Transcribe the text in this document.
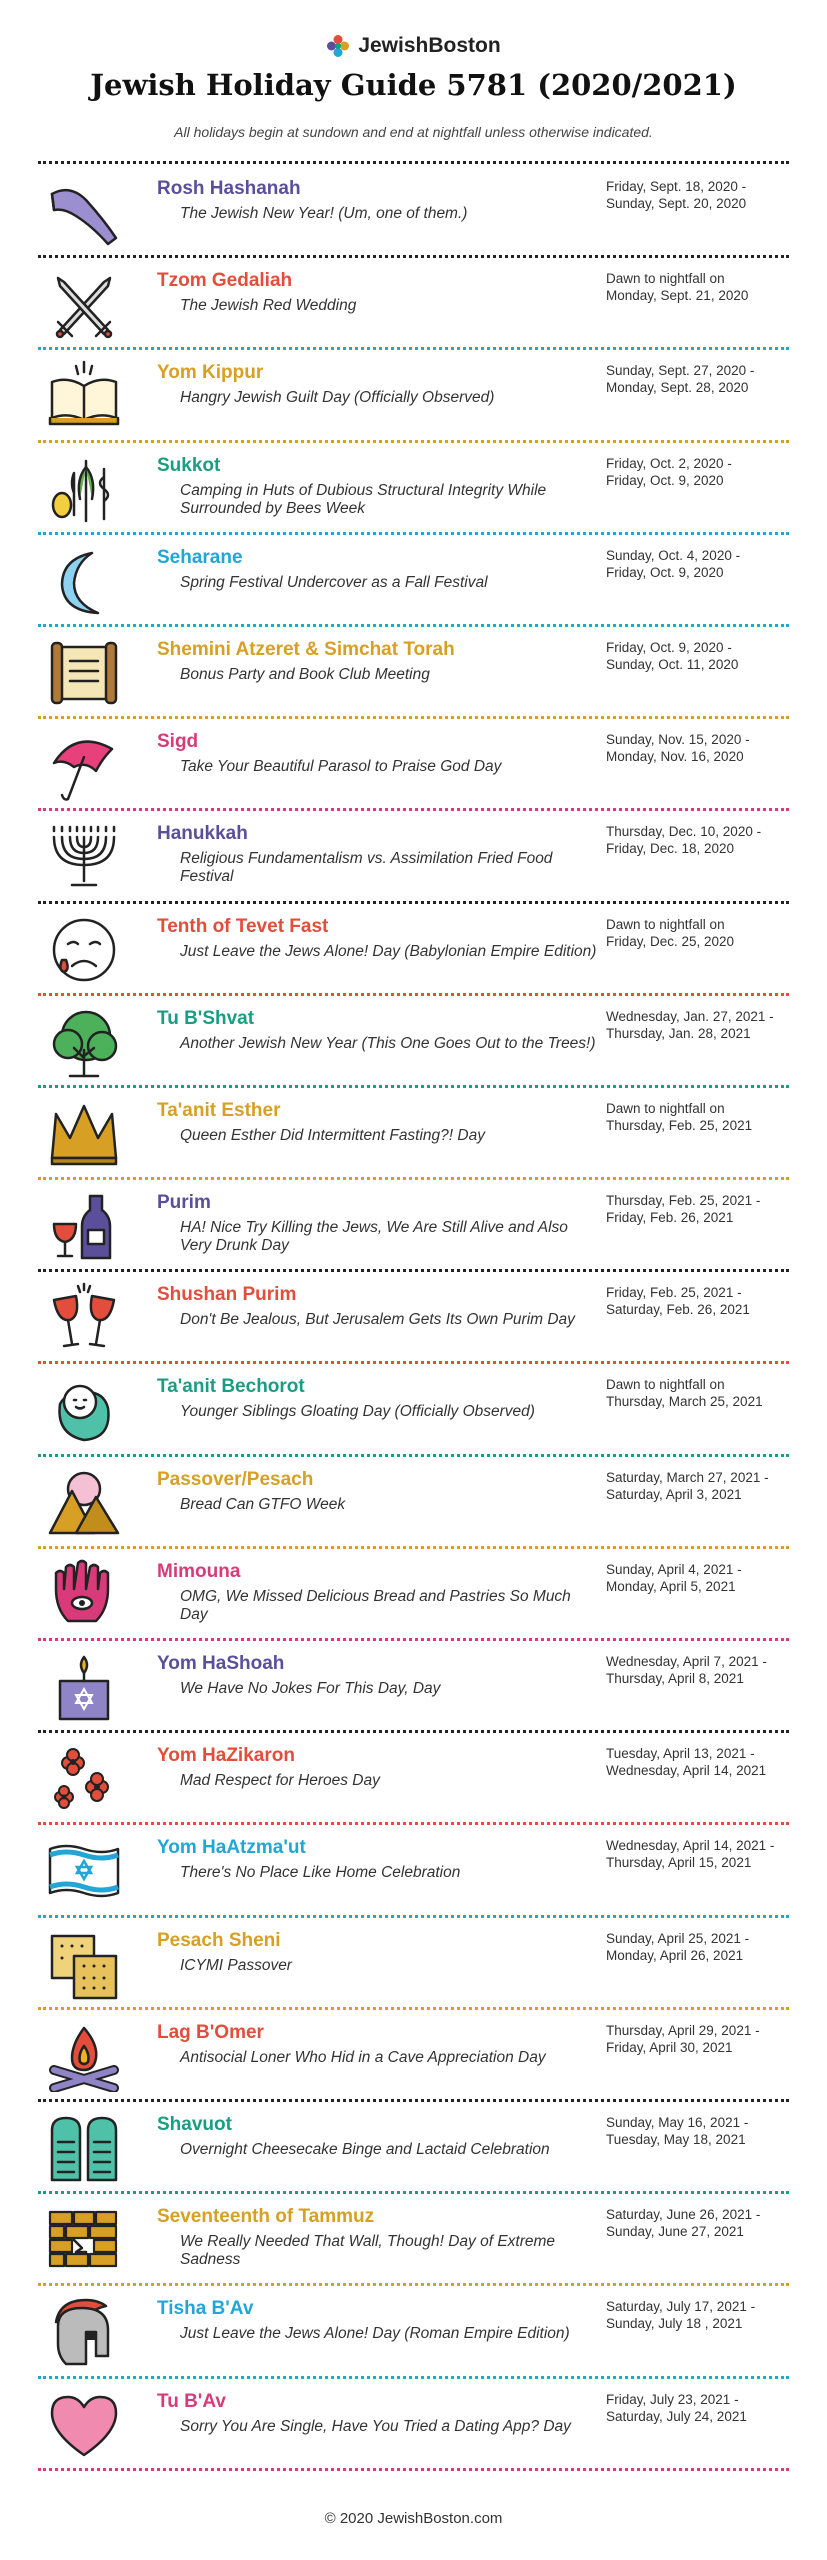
JewishBoston
Jewish Holiday Guide 5781 (2020/2021)
All holidays begin at sundown and end at nightfall unless otherwise indicated.
Rosh Hashanah
The Jewish New Year! (Um, one of them.)
Friday, Sept. 18, 2020 -
Sunday, Sept. 20, 2020
Tzom Gedaliah
The Jewish Red Wedding
Dawn to nightfall on
Monday, Sept. 21, 2020
Yom Kippur
Hangry Jewish Guilt Day (Officially Observed)
Sunday, Sept. 27, 2020 -
Monday, Sept. 28, 2020
Sukkot
Camping in Huts of Dubious Structural Integrity While Surrounded by Bees Week
Friday, Oct. 2, 2020 -
Friday, Oct. 9, 2020
Seharane
Spring Festival Undercover as a Fall Festival
Sunday, Oct. 4, 2020 -
Friday, Oct. 9, 2020
Shemini Atzeret & Simchat Torah
Bonus Party and Book Club Meeting
Friday, Oct. 9, 2020 -
Sunday, Oct. 11, 2020
Sigd
Take Your Beautiful Parasol to Praise God Day
Sunday, Nov. 15, 2020 -
Monday, Nov. 16, 2020
Hanukkah
Religious Fundamentalism vs. Assimilation Fried Food Festival
Thursday, Dec. 10, 2020 -
Friday, Dec. 18, 2020
Tenth of Tevet Fast
Just Leave the Jews Alone! Day (Babylonian Empire Edition)
Dawn to nightfall on
Friday, Dec. 25, 2020
Tu B'Shvat
Another Jewish New Year (This One Goes Out to the Trees!)
Wednesday, Jan. 27, 2021 -
Thursday, Jan. 28, 2021
Ta'anit Esther
Queen Esther Did Intermittent Fasting?! Day
Dawn to nightfall on
Thursday, Feb. 25, 2021
Purim
HA! Nice Try Killing the Jews, We Are Still Alive and Also Very Drunk Day
Thursday, Feb. 25, 2021 -
Friday, Feb. 26, 2021
Shushan Purim
Don't Be Jealous, But Jerusalem Gets Its Own Purim Day
Friday, Feb. 25, 2021 -
Saturday, Feb. 26, 2021
Ta'anit Bechorot
Younger Siblings Gloating Day (Officially Observed)
Dawn to nightfall on
Thursday, March 25, 2021
Passover/Pesach
Bread Can GTFO Week
Saturday, March 27, 2021 -
Saturday, April 3, 2021
Mimouna
OMG, We Missed Delicious Bread and Pastries So Much Day
Sunday, April 4, 2021 -
Monday, April 5, 2021
Yom HaShoah
We Have No Jokes For This Day, Day
Wednesday, April 7, 2021 -
Thursday, April 8, 2021
Yom HaZikaron
Mad Respect for Heroes Day
Tuesday, April 13, 2021 -
Wednesday, April 14, 2021
Yom HaAtzma'ut
There's No Place Like Home Celebration
Wednesday, April 14, 2021 -
Thursday, April 15, 2021
Pesach Sheni
ICYMI Passover
Sunday, April 25, 2021 -
Monday, April 26, 2021
Lag B'Omer
Antisocial Loner Who Hid in a Cave Appreciation Day
Thursday, April 29, 2021 -
Friday, April 30, 2021
Shavuot
Overnight Cheesecake Binge and Lactaid Celebration
Sunday, May 16, 2021 -
Tuesday, May 18, 2021
Seventeenth of Tammuz
We Really Needed That Wall, Though! Day of Extreme Sadness
Saturday, June 26, 2021 -
Sunday, June 27, 2021
Tisha B'Av
Just Leave the Jews Alone! Day (Roman Empire Edition)
Saturday, July 17, 2021 -
Sunday, July 18 , 2021
Tu B'Av
Sorry You Are Single, Have You Tried a Dating App? Day
Friday, July 23, 2021 -
Saturday, July 24, 2021
© 2020 JewishBoston.com
